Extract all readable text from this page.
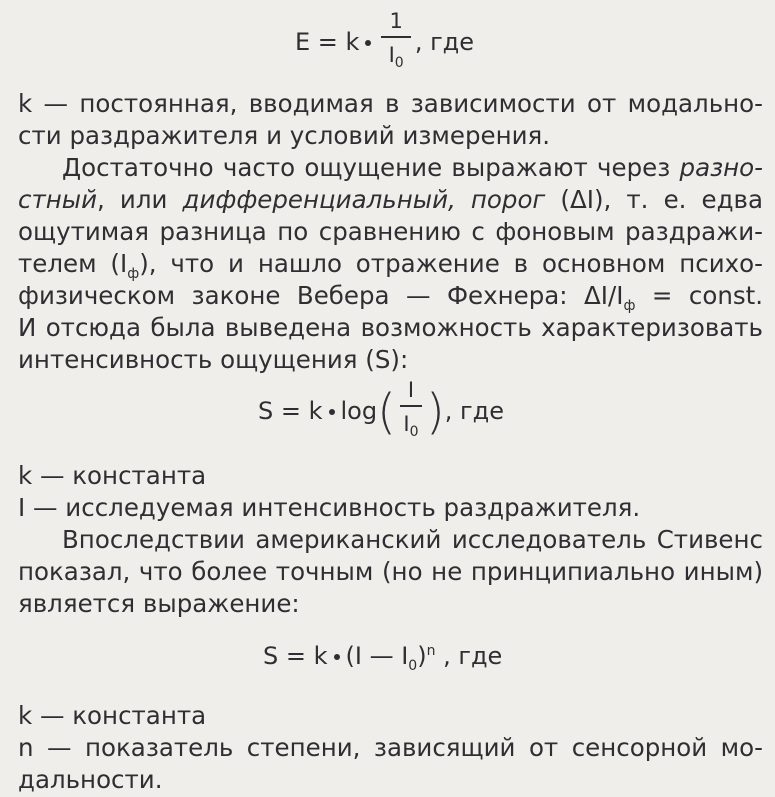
E = k $\frac{1}{I_0}$ , где
k — постоянная, вводимая в зависимости от модально-
сти раздражителя и условий измерения.
Достаточно часто ощущение выражают через разно-
стный, или дифференциальный, порог (ΔI), т. е. едва
ощутимая разница по сравнению с фоновым раздражи-
телем $(I_ф)$, что и нашло отражение в основном психо-
физическом законе Вебера — Фехнера: $\Delta I/I_ф$ = const.
И отсюда была выведена возможность характеризовать
интенсивность ощущения (S):
S = k $\log( \frac{I}{I_0}$ ), где
k — константа
I — исследуемая интенсивность раздражителя.
Впоследствии американский исследователь Стивенс
показал, что более точным (но не принципиально иным)
является выражение:
S = k (I — $I_0)^n$ , где
k — константа
n — показатель степени, зависящий от сенсорной мо-
дальности.
